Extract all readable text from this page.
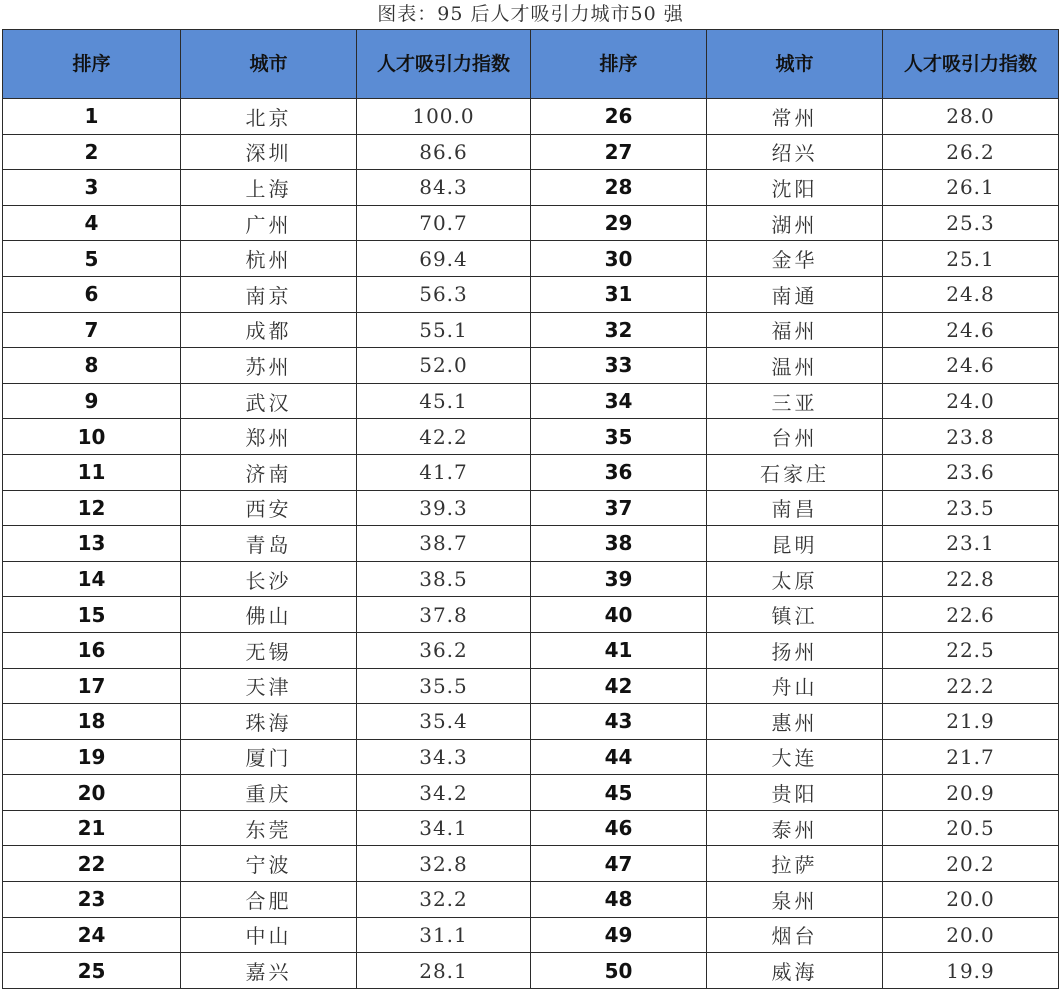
图表：95 后人才吸引力城市50 强
排序	城市	人才吸引力指数	排序	城市	人才吸引力指数
1	北京	100.0	26	常州	28.0
2	深圳	86.6	27	绍兴	26.2
3	上海	84.3	28	沈阳	26.1
4	广州	70.7	29	湖州	25.3
5	杭州	69.4	30	金华	25.1
6	南京	56.3	31	南通	24.8
7	成都	55.1	32	福州	24.6
8	苏州	52.0	33	温州	24.6
9	武汉	45.1	34	三亚	24.0
10	郑州	42.2	35	台州	23.8
11	济南	41.7	36	石家庄	23.6
12	西安	39.3	37	南昌	23.5
13	青岛	38.7	38	昆明	23.1
14	长沙	38.5	39	太原	22.8
15	佛山	37.8	40	镇江	22.6
16	无锡	36.2	41	扬州	22.5
17	天津	35.5	42	舟山	22.2
18	珠海	35.4	43	惠州	21.9
19	厦门	34.3	44	大连	21.7
20	重庆	34.2	45	贵阳	20.9
21	东莞	34.1	46	泰州	20.5
22	宁波	32.8	47	拉萨	20.2
23	合肥	32.2	48	泉州	20.0
24	中山	31.1	49	烟台	20.0
25	嘉兴	28.1	50	威海	19.9
